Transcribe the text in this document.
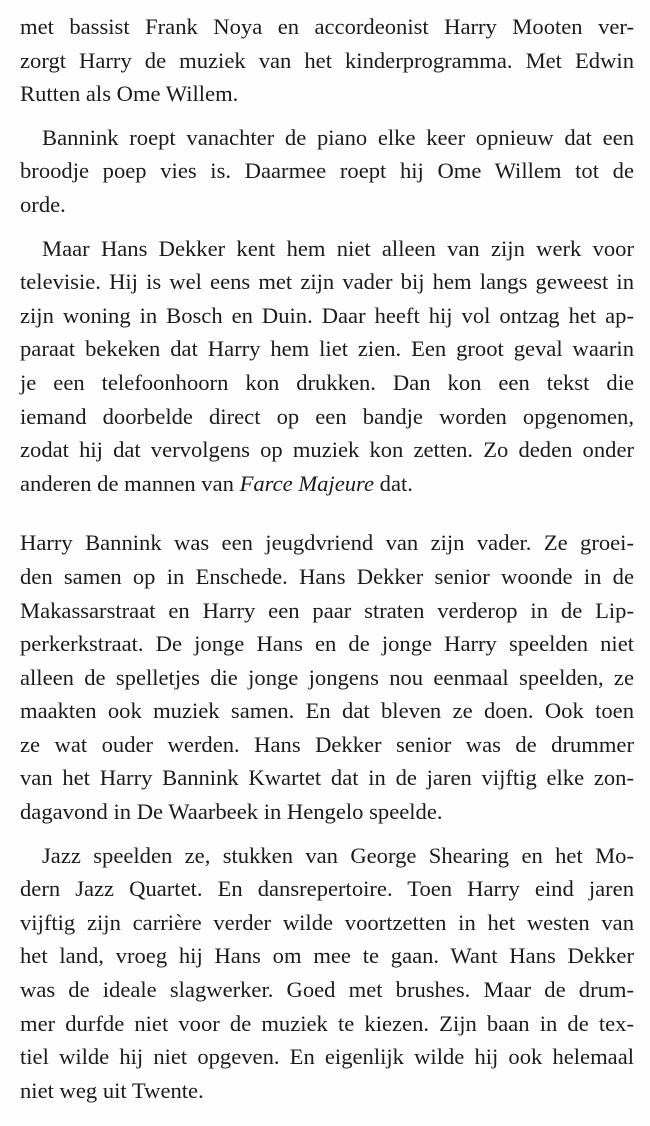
met bassist Frank Noya en accordeonist Harry Mooten ver-
zorgt Harry de muziek van het kinderprogramma. Met Edwin
Rutten als Ome Willem.
Bannink roept vanachter de piano elke keer opnieuw dat een
broodje poep vies is. Daarmee roept hij Ome Willem tot de
orde.
Maar Hans Dekker kent hem niet alleen van zijn werk voor
televisie. Hij is wel eens met zijn vader bij hem langs geweest in
zijn woning in Bosch en Duin. Daar heeft hij vol ontzag het ap-
paraat bekeken dat Harry hem liet zien. Een groot geval waarin
je een telefoonhoorn kon drukken. Dan kon een tekst die
iemand doorbelde direct op een bandje worden opgenomen,
zodat hij dat vervolgens op muziek kon zetten. Zo deden onder
anderen de mannen van Farce Majeure dat.
Harry Bannink was een jeugdvriend van zijn vader. Ze groei-
den samen op in Enschede. Hans Dekker senior woonde in de
Makassarstraat en Harry een paar straten verderop in de Lip-
perkerkstraat. De jonge Hans en de jonge Harry speelden niet
alleen de spelletjes die jonge jongens nou eenmaal speelden, ze
maakten ook muziek samen. En dat bleven ze doen. Ook toen
ze wat ouder werden. Hans Dekker senior was de drummer
van het Harry Bannink Kwartet dat in de jaren vijftig elke zon-
dagavond in De Waarbeek in Hengelo speelde.
Jazz speelden ze, stukken van George Shearing en het Mo-
dern Jazz Quartet. En dansrepertoire. Toen Harry eind jaren
vijftig zijn carrière verder wilde voortzetten in het westen van
het land, vroeg hij Hans om mee te gaan. Want Hans Dekker
was de ideale slagwerker. Goed met brushes. Maar de drum-
mer durfde niet voor de muziek te kiezen. Zijn baan in de tex-
tiel wilde hij niet opgeven. En eigenlijk wilde hij ook helemaal
niet weg uit Twente.
